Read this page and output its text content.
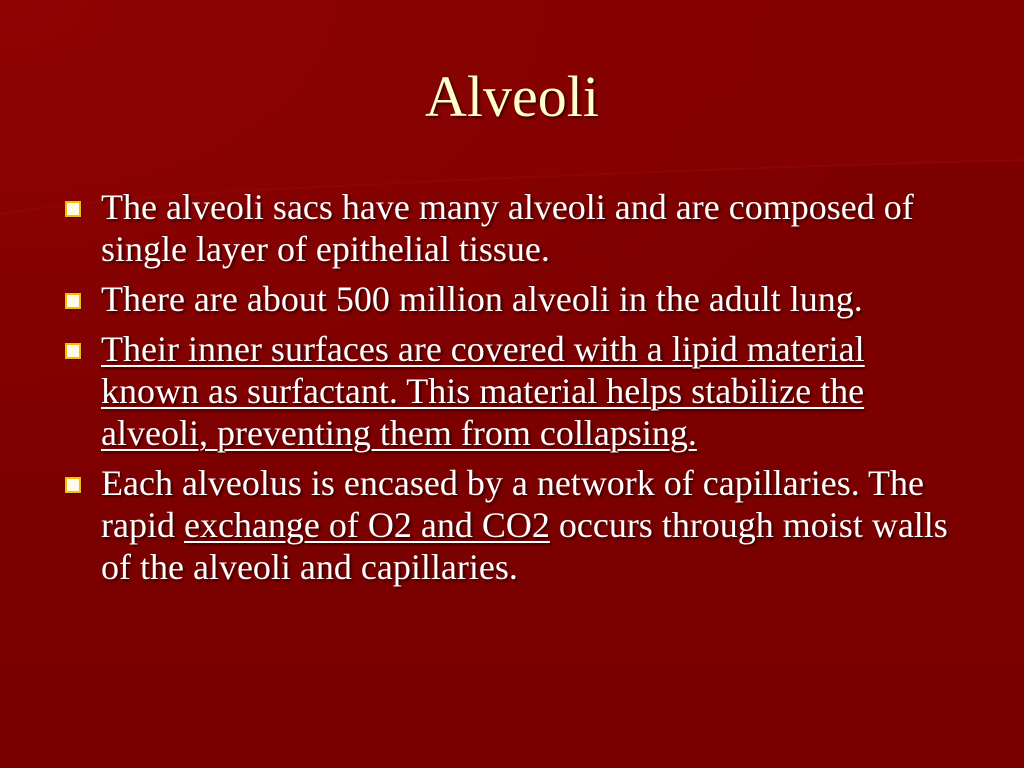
Alveoli
The alveoli sacs have many alveoli and are composed of single layer of epithelial tissue.
There are about 500 million alveoli in the adult lung.
Their inner surfaces are covered with a lipid material known as surfactant. This material helps stabilize the alveoli, preventing them from collapsing.
Each alveolus is encased by a network of capillaries. The rapid exchange of O2 and CO2 occurs through moist walls of the alveoli and capillaries.
